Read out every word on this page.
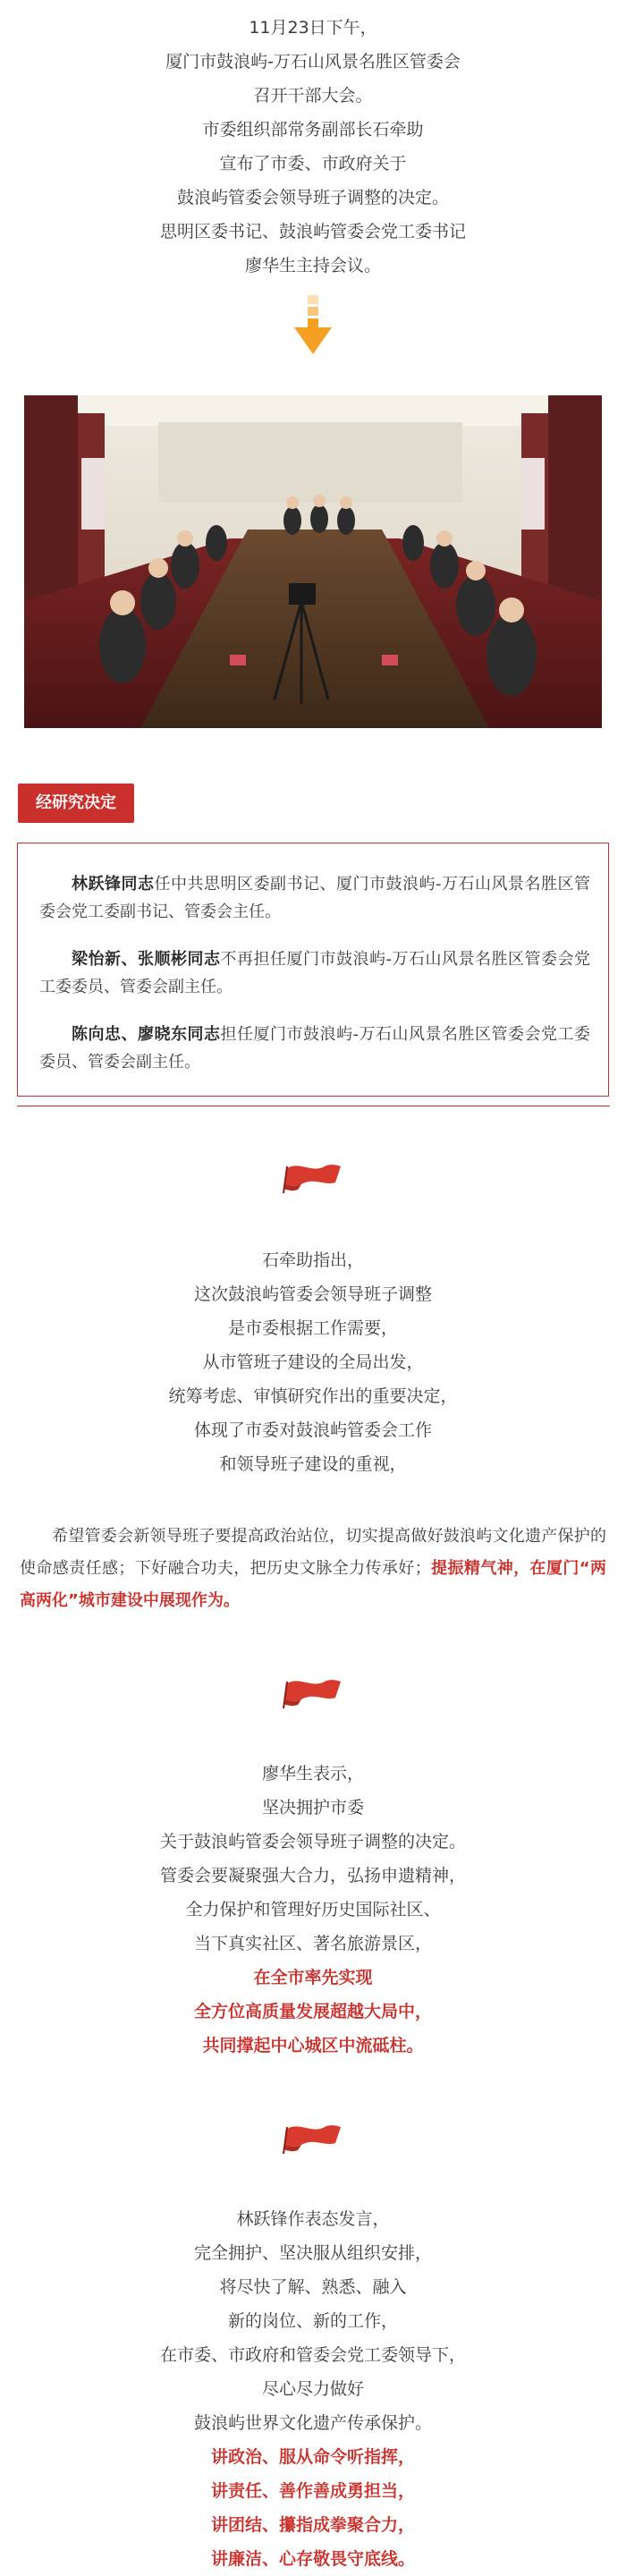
11月23日下午，

厦门市鼓浪屿-万石山风景名胜区管委会

召开干部大会。

市委组织部常务副部长石牵助

宣布了市委、市政府关于

鼓浪屿管委会领导班子调整的决定。

思明区委书记、鼓浪屿管委会党工委书记

廖华生主持会议。

经研究决定

林跃锋同志任中共思明区委副书记、厦门市鼓浪屿-万石山风景名胜区管委会党工委副书记、管委会主任。

梁怡新、张顺彬同志不再担任厦门市鼓浪屿-万石山风景名胜区管委会党工委委员、管委会副主任。

陈向忠、廖晓东同志担任厦门市鼓浪屿-万石山风景名胜区管委会党工委委员、管委会副主任。

石牵助指出，

这次鼓浪屿管委会领导班子调整

是市委根据工作需要，

从市管班子建设的全局出发，

统筹考虑、审慎研究作出的重要决定，

体现了市委对鼓浪屿管委会工作

和领导班子建设的重视，

希望管委会新领导班子要提高政治站位，切实提高做好鼓浪屿文化遗产保护的使命感责任感；下好融合功夫，把历史文脉全力传承好；提振精气神，在厦门“两高两化”城市建设中展现作为。

廖华生表示，

坚决拥护市委

关于鼓浪屿管委会领导班子调整的决定。

管委会要凝聚强大合力，弘扬申遗精神，

全力保护和管理好历史国际社区、

当下真实社区、著名旅游景区，

在全市率先实现

全方位高质量发展超越大局中，

共同撑起中心城区中流砥柱。

林跃锋作表态发言，

完全拥护、坚决服从组织安排，

将尽快了解、熟悉、融入

新的岗位、新的工作，

在市委、市政府和管委会党工委领导下，

尽心尽力做好

鼓浪屿世界文化遗产传承保护。

讲政治、服从命令听指挥，

讲责任、善作善成勇担当，

讲团结、攥指成拳聚合力，

讲廉洁、心存敬畏守底线。
